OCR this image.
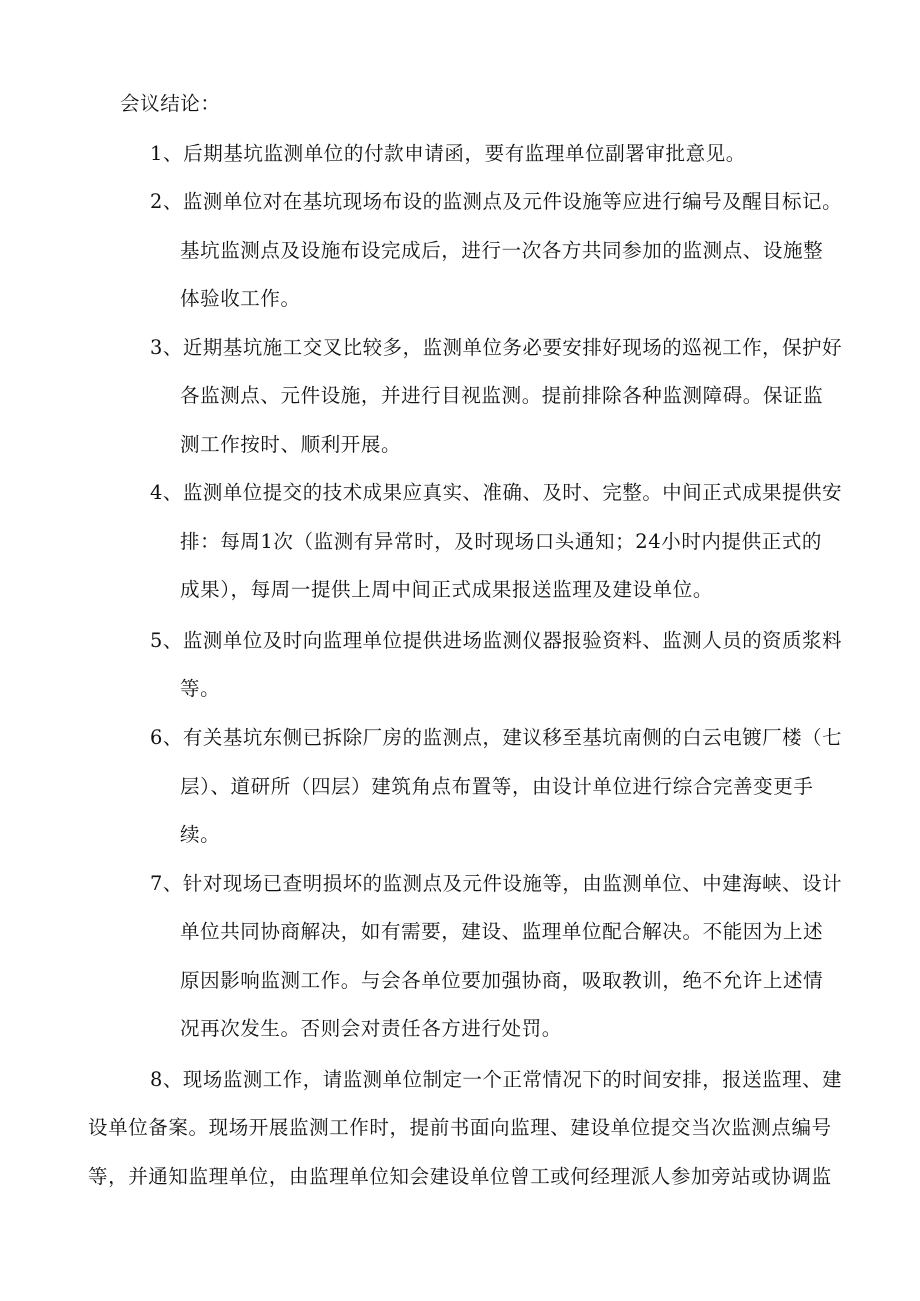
会议结论：
1、后期基坑监测单位的付款申请函，要有监理单位副署审批意见。
2、监测单位对在基坑现场布设的监测点及元件设施等应进行编号及醒目标记。
基坑监测点及设施布设完成后，进行一次各方共同参加的监测点、设施整
体验收工作。
3、近期基坑施工交叉比较多，监测单位务必要安排好现场的巡视工作，保护好
各监测点、元件设施，并进行目视监测。提前排除各种监测障碍。保证监
测工作按时、顺利开展。
4、监测单位提交的技术成果应真实、准确、及时、完整。中间正式成果提供安
排：每周1次（监测有异常时，及时现场口头通知；24小时内提供正式的
成果），每周一提供上周中间正式成果报送监理及建设单位。
5、监测单位及时向监理单位提供进场监测仪器报验资料、监测人员的资质浆料
等。
6、有关基坑东侧已拆除厂房的监测点，建议移至基坑南侧的白云电镀厂楼（七
层）、道研所（四层）建筑角点布置等，由设计单位进行综合完善变更手
续。
7、针对现场已查明损坏的监测点及元件设施等，由监测单位、中建海峡、设计
单位共同协商解决，如有需要，建设、监理单位配合解决。不能因为上述
原因影响监测工作。与会各单位要加强协商，吸取教训，绝不允许上述情
况再次发生。否则会对责任各方进行处罚。
8、现场监测工作，请监测单位制定一个正常情况下的时间安排，报送监理、建
设单位备案。现场开展监测工作时，提前书面向监理、建设单位提交当次监测点编号
等，并通知监理单位，由监理单位知会建设单位曾工或何经理派人参加旁站或协调监
